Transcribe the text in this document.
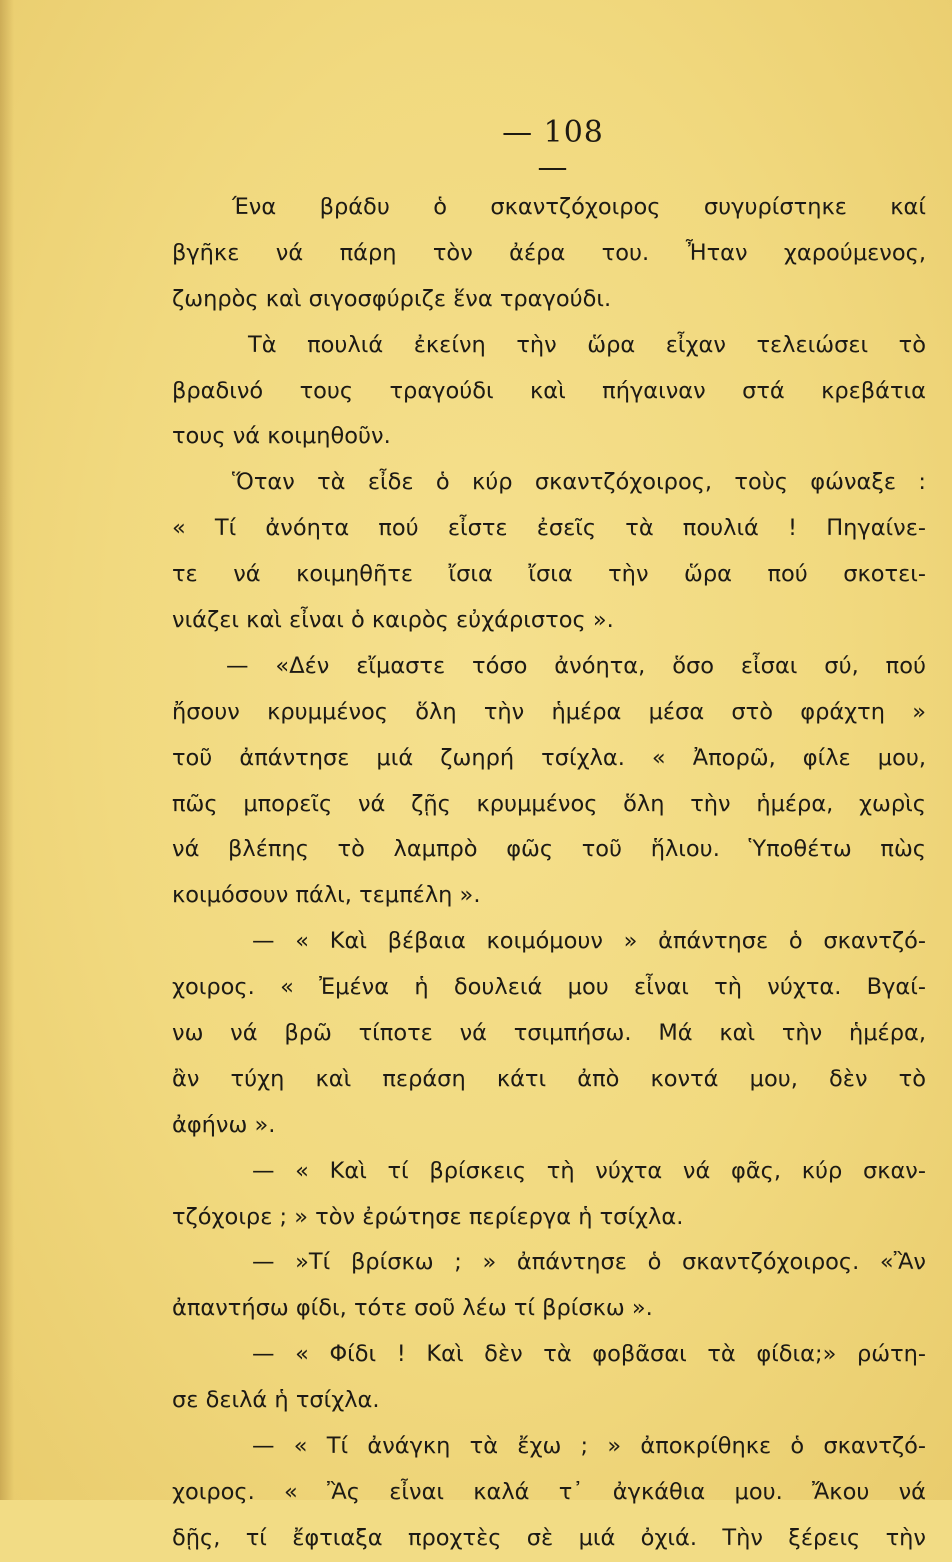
— 108 —
Ένα βράδυ ὁ σκαντζόχοιρος συγυρίστηκε καί
βγῆκε νά πάρη τὸν ἀέρα του. Ἦταν χαρούμενος,
ζωηρὸς καὶ σιγοσφύριζε ἕνα τραγούδι.
Τὰ πουλιά ἐκείνη τὴν ὥρα εἶχαν τελειώσει τὸ
βραδινό τους τραγούδι καὶ πήγαιναν στά κρεβάτια
τους νά κοιμηθοῦν.
Ὅταν τὰ εἶδε ὁ κύρ σκαντζόχοιρος, τοὺς φώναξε :
« Τί ἀνόητα πού εἶστε ἐσεῖς τὰ πουλιά ! Πηγαίνε-
τε νά κοιμηθῆτε ἴσια ἴσια τὴν ὥρα πού σκοτει-
νιάζει καὶ εἶναι ὁ καιρὸς εὐχάριστος ».
— «Δέν εἴμαστε τόσο ἀνόητα, ὅσο εἶσαι σύ, πού
ἤσουν κρυμμένος ὅλη τὴν ἡμέρα μέσα στὸ φράχτη »
τοῦ ἀπάντησε μιά ζωηρή τσίχλα. « Ἀπορῶ, φίλε μου,
πῶς μπορεῖς νά ζῇς κρυμμένος ὅλη τὴν ἡμέρα, χωρὶς
νά βλέπης τὸ λαμπρὸ φῶς τοῦ ἥλιου. Ὑποθέτω πὼς
κοιμόσουν πάλι, τεμπέλη ».
— « Καὶ βέβαια κοιμόμουν » ἀπάντησε ὁ σκαντζό-
χοιρος. « Ἐμένα ἡ δουλειά μου εἶναι τὴ νύχτα. Βγαί-
νω νά βρῶ τίποτε νά τσιμπήσω. Μά καὶ τὴν ἡμέρα,
ἂν τύχη καὶ περάση κάτι ἀπὸ κοντά μου, δὲν τὸ
ἀφήνω ».
— « Καὶ τί βρίσκεις τὴ νύχτα νά φᾶς, κύρ σκαν-
τζόχοιρε ; » τὸν ἐρώτησε περίεργα ἡ τσίχλα.
— »Τί βρίσκω ; » ἀπάντησε ὁ σκαντζόχοιρος. «Ἂν
ἀπαντήσω φίδι, τότε σοῦ λέω τί βρίσκω ».
— « Φίδι ! Καὶ δὲν τὰ φοβᾶσαι τὰ φίδια;» ρώτη-
σε δειλά ἡ τσίχλα.
— « Τί ἀνάγκη τὰ ἔχω ; » ἀποκρίθηκε ὁ σκαντζό-
χοιρος. « Ἂς εἶναι καλά τ᾿ ἀγκάθια μου. Ἄκου νά
δῇς, τί ἔφτιαξα προχτὲς σὲ μιά ὀχιά. Τὴν ξέρεις τὴν
